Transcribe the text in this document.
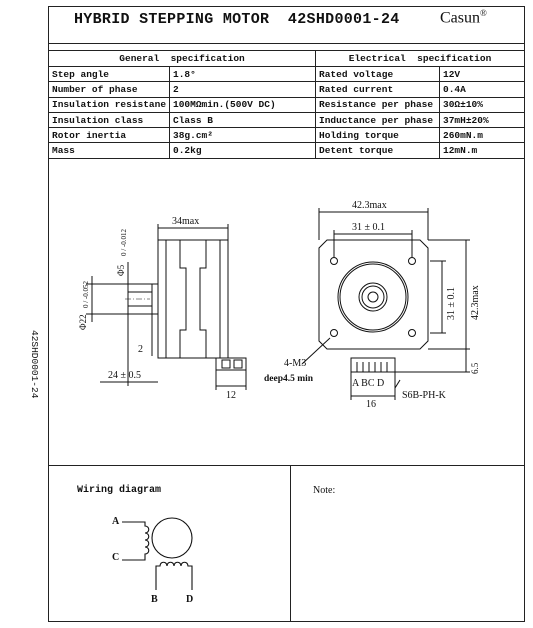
HYBRID STEPPING MOTOR  42SHD0001-24	Casun®
42SHD0001-24
General  specification		Electrical  specification	
Step angle	1.8°	Rated voltage	12V
Number of phase	2	Rated current	0.4A
Insulation resistane	100MΩmin.(500V DC)	Resistance per phase	30Ω±10%
Insulation class	Class B	Inductance per phase	37mH±20%
Rotor inertia	38g.cm²	Holding torque	260mN.m
Mass	0.2kg	Detent torque	12mN.m
34max
Φ5
0 / -0.012
Φ22
0 / -0.052
2
24 ± 0.5
12
42.3max
31 ± 0.1
31 ± 0.1 42.3max
6.5
4-M3
deep4.5 min	A BC D
16
S6B-PH-K
A
C
B	D
Wiring diagram	Note:
